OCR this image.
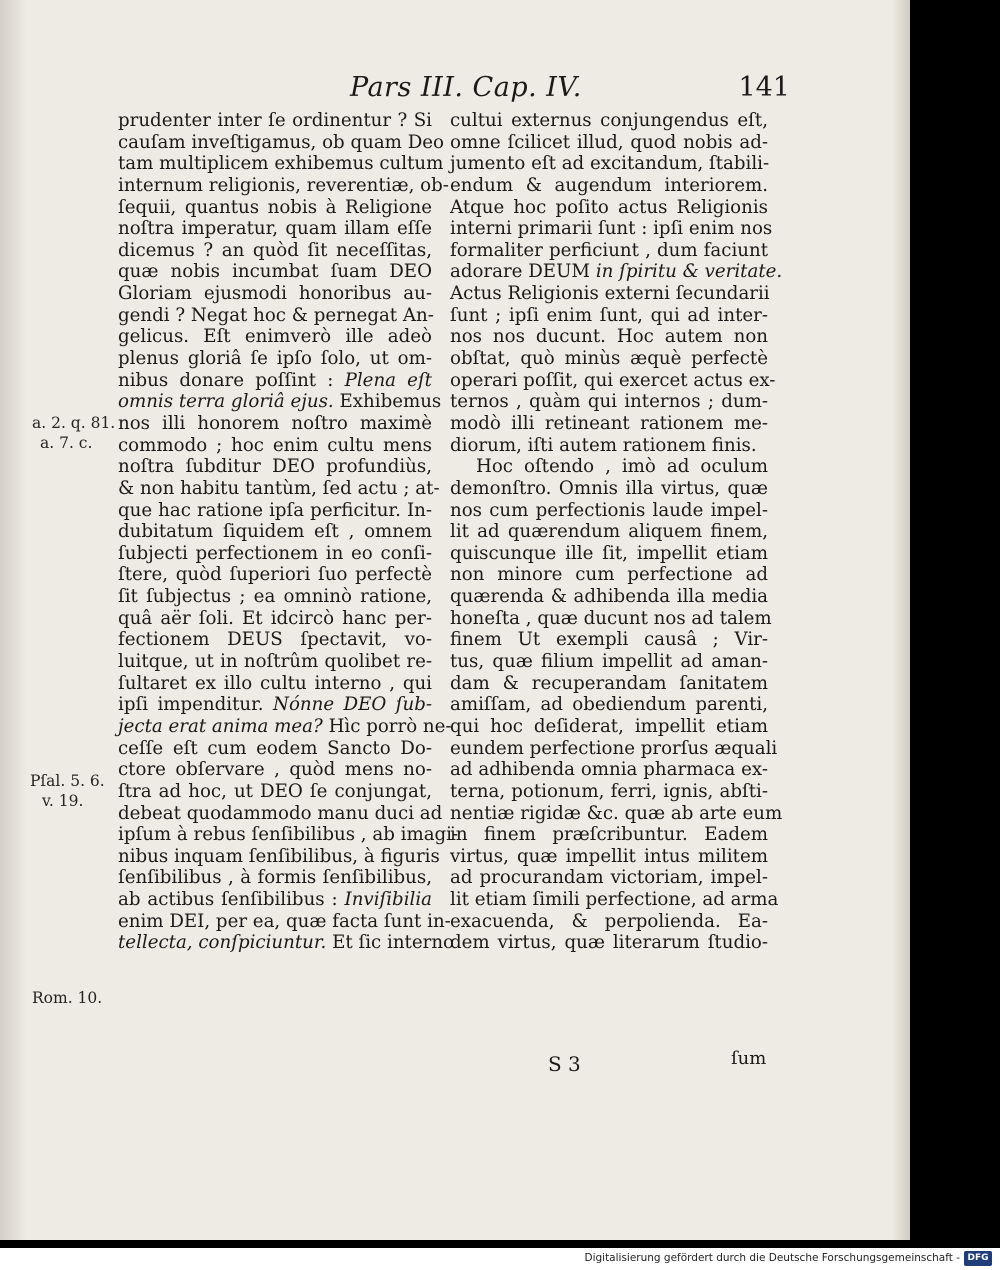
Pars III. Cap. IV.	141
a. 2. q. 81.
a. 7. c.
Pſal. 5. 6.
v. 19.
Rom. 10.
prudenter inter ſe ordinentur ? Si
cauſam inveſtigamus, ob quam Deo
tam multiplicem exhibemus cultum
internum religionis, reverentiæ, ob-
ſequii, quantus nobis à Religione
noſtra imperatur, quam illam eſſe
dicemus ? an quòd ſit neceſſitas,
quæ nobis incumbat ſuam DEO
Gloriam ejusmodi honoribus au-
gendi ? Negat hoc & pernegat An-
gelicus. Eſt enimverò ille adeò
plenus gloriâ ſe ipſo ſolo, ut om-
nibus donare poſſint : Plena eſt
omnis terra gloriâ ejus. Exhibemus
nos illi honorem noſtro maximè
commodo ; hoc enim cultu mens
noſtra ſubditur DEO profundiùs,
& non habitu tantùm, ſed actu ; at-
que hac ratione ipſa perficitur. In-
dubitatum ſiquidem eſt , omnem
ſubjecti perfectionem in eo conſi-
ſtere, quòd ſuperiori ſuo perfectè
ſit ſubjectus ; ea omninò ratione,
quâ aër ſoli. Et idcircò hanc per-
fectionem DEUS ſpectavit, vo-
luitque, ut in noſtrûm quolibet re-
ſultaret ex illo cultu interno , qui
ipſi impenditur. Nónne DEO ſub-
jecta erat anima mea? Hìc porrò ne-
ceſſe eſt cum eodem Sancto Do-
ctore obſervare , quòd mens no-
ſtra ad hoc, ut DEO ſe conjungat,
debeat quodammodo manu duci ad
ipſum à rebus ſenſibilibus , ab imagi-
nibus inquam ſenſibilibus, à figuris
ſenſibilibus , à formis ſenſibilibus,
ab actibus ſenſibilibus : Inviſibilia
enim DEI, per ea, quæ facta ſunt in-
tellecta, conſpiciuntur. Et ſic interno
cultui externus conjungendus eſt,
omne ſcilicet illud, quod nobis ad-
jumento eſt ad excitandum, ſtabili-
endum & augendum interiorem.
Atque hoc poſito actus Religionis
interni primarii ſunt : ipſi enim nos
formaliter perficiunt , dum faciunt
adorare DEUM in ſpiritu & veritate.
Actus Religionis externi ſecundarii
ſunt ; ipſi enim ſunt, qui ad inter-
nos nos ducunt. Hoc autem non
obſtat, quò minùs æquè perfectè
operari poſſit, qui exercet actus ex-
ternos , quàm qui internos ; dum-
modò illi retineant rationem me-
diorum, iſti autem rationem finis.
Hoc oſtendo , imò ad oculum
demonſtro. Omnis illa virtus, quæ
nos cum perfectionis laude impel-
lit ad quærendum aliquem finem,
quiscunque ille ſit, impellit etiam
non minore cum perfectione ad
quærenda & adhibenda illa media
honeſta , quæ ducunt nos ad talem
finem Ut exempli causâ ; Vir-
tus, quæ filium impellit ad aman-
dam & recuperandam ſanitatem
amiſſam, ad obediendum parenti,
qui hoc deſiderat, impellit etiam
eundem perfectione prorſus æquali
ad adhibenda omnia pharmaca ex-
terna, potionum, ferri, ignis, abſti-
nentiæ rigidæ &c. quæ ab arte eum
in finem præſcribuntur. Eadem
virtus, quæ impellit intus militem
ad procurandam victoriam, impel-
lit etiam ſimili perfectione, ad arma
exacuenda, & perpolienda. Ea-
dem virtus, quæ literarum ſtudio-
S 3	ſum
Digitalisierung gefördert durch die Deutsche Forschungsgemeinschaft - DFG
